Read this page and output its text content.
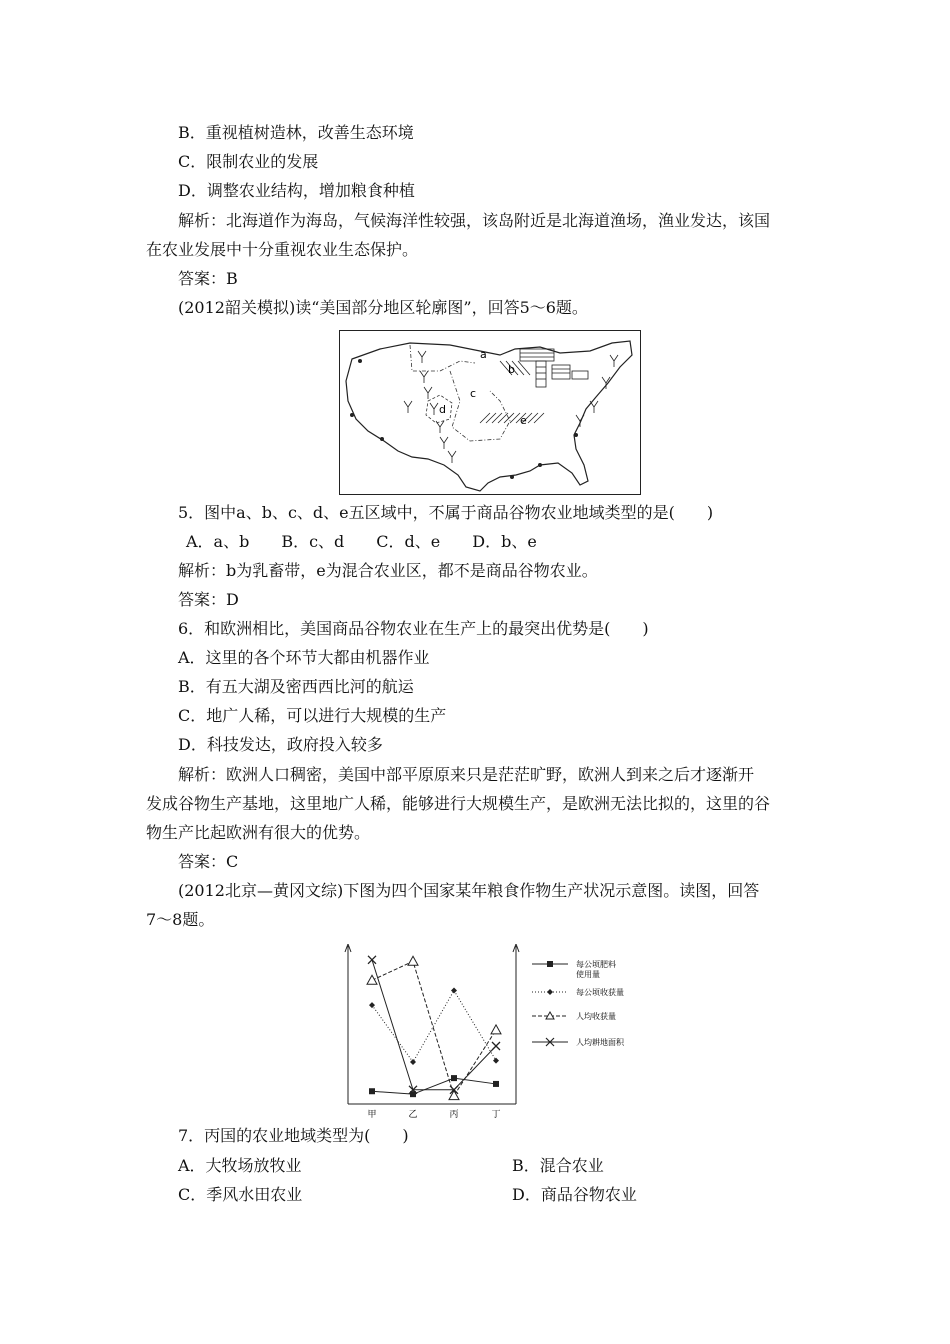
B．重视植树造林，改善生态环境
C．限制农业的发展
D．调整农业结构，增加粮食种植
解析：北海道作为海岛，气候海洋性较强，该岛附近是北海道渔场，渔业发达，该国
在农业发展中十分重视农业生态保护。
答案：B
(2012韶关模拟)读“美国部分地区轮廓图”，回答5～6题。
a
b
c
d
e
5．图中a、b、c、d、e五区域中，不属于商品谷物农业地域类型的是(　　)
A．a、b　　B．c、d　　C．d、e　　D．b、e
解析：b为乳畜带，e为混合农业区，都不是商品谷物农业。
答案：D
6．和欧洲相比，美国商品谷物农业在生产上的最突出优势是(　　)
A．这里的各个环节大都由机器作业
B．有五大湖及密西西比河的航运
C．地广人稀，可以进行大规模的生产
D．科技发达，政府投入较多
解析：欧洲人口稠密，美国中部平原原来只是茫茫旷野，欧洲人到来之后才逐渐开
发成谷物生产基地，这里地广人稀，能够进行大规模生产，是欧洲无法比拟的，这里的谷
物生产比起欧洲有很大的优势。
答案：C
(2012北京—黄冈文综)下图为四个国家某年粮食作物生产状况示意图。读图，回答
7～8题。
甲	乙	丙	丁
每公顷肥料
使用量
每公顷收获量
人均收获量
人均耕地面积
7．丙国的农业地域类型为(　　)
A．大牧场放牧业	B．混合农业
C．季风水田农业	D．商品谷物农业
